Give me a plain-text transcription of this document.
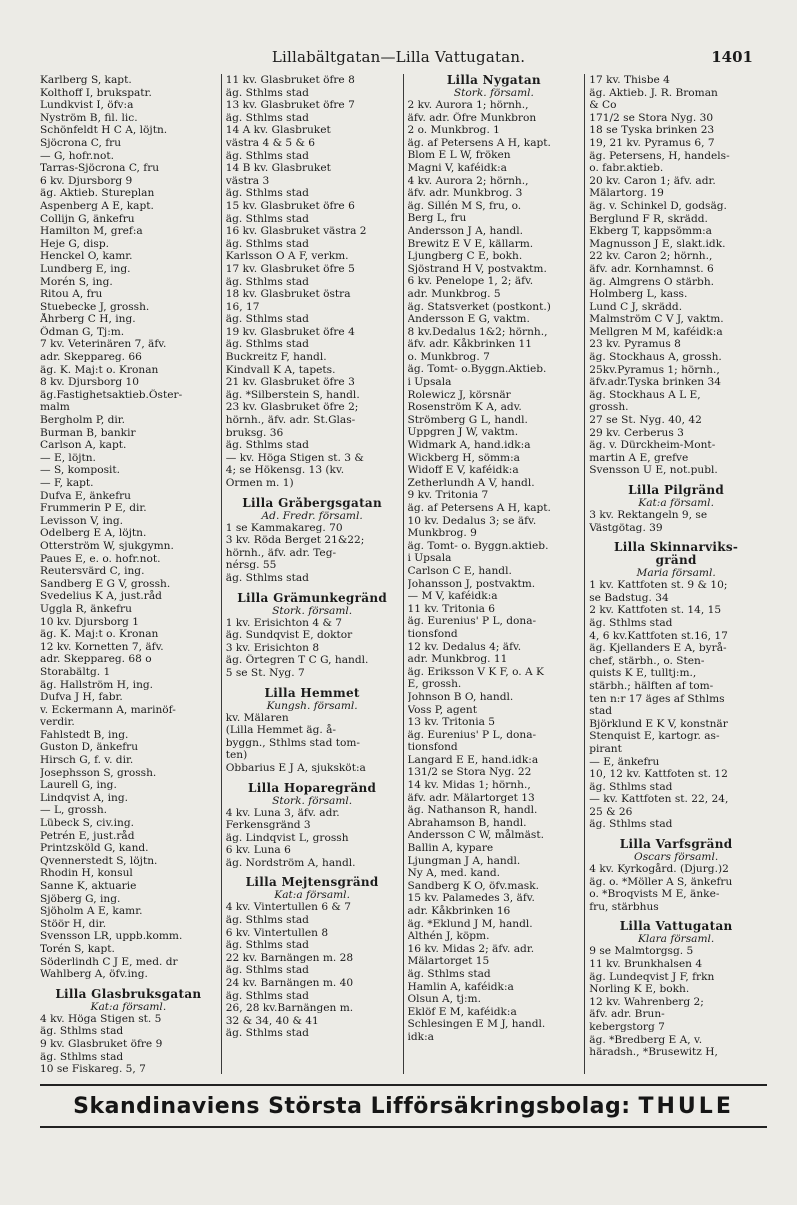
Lillabältgatan—Lilla Vattugatan.	1401
Karlberg S, kapt.
Kolthoff I, brukspatr.
Lundkvist I, öfv:a
Nyström B, fil. lic.
Schönfeldt H C A, löjtn.
Sjöcrona C, fru
— G, hofr.not.
Tarras-Sjöcrona C, fru
6 kv. Djursborg 9
äg. Aktieb. Stureplan
Aspenberg A E, kapt.
Collijn G, änkefru
Hamilton M, gref:a
Heje G, disp.
Henckel O, kamr.
Lundberg E, ing.
Morén S, ing.
Ritou A, fru
Stuebecke J, grossh.
Åhrberg C H, ing.
Ödman G, Tj:m.
7 kv. Veterinären 7, äfv.
adr. Skeppareg. 66
äg. K. Maj:t o. Kronan
8 kv. Djursborg 10
äg.Fastighetsaktieb.Öster-
malm
Bergholm P, dir.
Burman B, bankir
Carlson A, kapt.
— E, löjtn.
— S, komposit.
— F, kapt.
Dufva E, änkefru
Frummerin P E, dir.
Levisson V, ing.
Odelberg E A, löjtn.
Otterström W, sjukgymn.
Paues E, e. o. hofr.not.
Reutersvärd C, ing.
Sandberg E G V, grossh.
Svedelius K A, just.råd
Uggla R, änkefru
10 kv. Djursborg 1
äg. K. Maj:t o. Kronan
12 kv. Kornetten 7, äfv.
adr. Skeppareg. 68 o
Storabältg. 1
äg. Hallström H, ing.
Dufva J H, fabr.
v. Eckermann A, marinöf-
verdir.
Fahlstedt B, ing.
Guston D, änkefru
Hirsch G, f. v. dir.
Josephsson S, grossh.
Laurell G, ing.
Lindqvist A, ing.
— L, grossh.
Lübeck S, civ.ing.
Petrén E, just.råd
Printzsköld G, kand.
Qvennerstedt S, löjtn.
Rhodin H, konsul
Sanne K, aktuarie
Sjöberg G, ing.
Sjöholm A E, kamr.
Stöör H, dir.
Svensson LR, uppb.komm.
Torén S, kapt.
Söderlindh C J E, med. dr
Wahlberg A, öfv.ing.
Lilla Glasbruksgatan
Kat:a församl.
4 kv. Höga Stigen st. 5
äg. Sthlms stad
9 kv. Glasbruket öfre 9
äg. Sthlms stad
10 se Fiskareg. 5, 7
11 kv. Glasbruket öfre 8
äg. Sthlms stad
13 kv. Glasbruket öfre 7
äg. Sthlms stad
14 A kv. Glasbruket
västra 4 & 5 & 6
äg. Sthlms stad
14 B kv. Glasbruket
västra 3
äg. Sthlms stad
15 kv. Glasbruket öfre 6
äg. Sthlms stad
16 kv. Glasbruket västra 2
äg. Sthlms stad
Karlsson O A F, verkm.
17 kv. Glasbruket öfre 5
äg. Sthlms stad
18 kv. Glasbruket östra
16, 17
äg. Sthlms stad
19 kv. Glasbruket öfre 4
äg. Sthlms stad
Buckreitz F, handl.
Kindvall K A, tapets.
21 kv. Glasbruket öfre 3
äg. *Silberstein S, handl.
23 kv. Glasbruket öfre 2;
hörnh., äfv. adr. St.Glas-
bruksg. 36
äg. Sthlms stad
— kv. Höga Stigen st. 3 &
4; se Hökensg. 13 (kv.
Ormen m. 1)
Lilla Gråbergsgatan
Ad. Fredr. församl.
1 se Kammakareg. 70
3 kv. Röda Berget 21&22;
hörnh., äfv. adr. Teg-
nérsg. 55
äg. Sthlms stad
Lilla Grämunkegränd
Stork. församl.
1 kv. Erisichton 4 & 7
äg. Sundqvist E, doktor
3 kv. Erisichton 8
äg. Örtegren T C G, handl.
5 se St. Nyg. 7
Lilla Hemmet
Kungsh. församl.
kv. Mälaren
(Lilla Hemmet äg. å-
byggn., Sthlms stad tom-
ten)
Obbarius E J A, sjuksköt:a
Lilla Hoparegränd
Stork. församl.
4 kv. Luna 3, äfv. adr.
Ferkensgränd 3
äg. Lindqvist L, grossh
6 kv. Luna 6
äg. Nordström A, handl.
Lilla Mejtensgränd
Kat:a församl.
4 kv. Vintertullen 6 & 7
äg. Sthlms stad
6 kv. Vintertullen 8
äg. Sthlms stad
22 kv. Barnängen m. 28
äg. Sthlms stad
24 kv. Barnängen m. 40
äg. Sthlms stad
26, 28 kv.Barnängen m.
32 & 34, 40 & 41
äg. Sthlms stad
Lilla Nygatan
Stork. församl.
2 kv. Aurora 1; hörnh.,
äfv. adr. Öfre Munkbron
2 o. Munkbrog. 1
äg. af Petersens A H, kapt.
Blom E L W, fröken
Magni V, kaféidk:a
4 kv. Aurora 2; hörnh.,
äfv. adr. Munkbrog. 3
äg. Sillén M S, fru, o.
Berg L, fru
Andersson J A, handl.
Brewitz E V E, källarm.
Ljungberg C E, bokh.
Sjöstrand H V, postvaktm.
6 kv. Penelope 1, 2; äfv.
adr. Munkbrog. 5
äg. Statsverket (postkont.)
Andersson E G, vaktm.
8 kv.Dedalus 1&2; hörnh.,
äfv. adr. Kåkbrinken 11
o. Munkbrog. 7
äg. Tomt- o.Byggn.Aktieb.
i Upsala
Rolewicz J, körsnär
Rosenström K A, adv.
Strömberg G L, handl.
Uppgren J W, vaktm.
Widmark A, hand.idk:a
Wickberg H, sömm:a
Widoff E V, kaféidk:a
Zetherlundh A V, handl.
9 kv. Tritonia 7
äg. af Petersens A H, kapt.
10 kv. Dedalus 3; se äfv.
Munkbrog. 9
äg. Tomt- o. Byggn.aktieb.
i Upsala
Carlson C E, handl.
Johansson J, postvaktm.
— M V, kaféidk:a
11 kv. Tritonia 6
äg. Eurenius' P L, dona-
tionsfond
12 kv. Dedalus 4; äfv.
adr. Munkbrog. 11
äg. Eriksson V K F, o. A K
E, grossh.
Johnson B O, handl.
Voss P, agent
13 kv. Tritonia 5
äg. Eurenius' P L, dona-
tionsfond
Langard E E, hand.idk:a
131/2 se Stora Nyg. 22
14 kv. Midas 1; hörnh.,
äfv. adr. Mälartorget 13
äg. Nathanson R, handl.
Abrahamson B, handl.
Andersson C W, målmäst.
Ballin A, kypare
Ljungman J A, handl.
Ny A, med. kand.
Sandberg K O, öfv.mask.
15 kv. Palamedes 3, äfv.
adr. Kåkbrinken 16
äg. *Eklund J M, handl.
Althén J, köpm.
16 kv. Midas 2; äfv. adr.
Mälartorget 15
äg. Sthlms stad
Hamlin A, kaféidk:a
Olsun A, tj:m.
Eklöf E M, kaféidk:a
Schlesingen E M J, handl.
idk:a
17 kv. Thisbe 4
äg. Aktieb. J. R. Broman
& Co
171/2 se Stora Nyg. 30
18 se Tyska brinken 23
19, 21 kv. Pyramus 6, 7
äg. Petersens, H, handels-
o. fabr.aktieb.
20 kv. Caron 1; äfv. adr.
Mälartorg. 19
äg. v. Schinkel D, godsäg.
Berglund F R, skrädd.
Ekberg T, kappsömm:a
Magnusson J E, slakt.idk.
22 kv. Caron 2; hörnh.,
äfv. adr. Kornhamnst. 6
äg. Almgrens O stärbh.
Holmberg L, kass.
Lund C J, skrädd.
Malmström C V J, vaktm.
Mellgren M M, kaféidk:a
23 kv. Pyramus 8
äg. Stockhaus A, grossh.
25kv.Pyramus 1; hörnh.,
äfv.adr.Tyska brinken 34
äg. Stockhaus A L E,
grossh.
27 se St. Nyg. 40, 42
29 kv. Cerberus 3
äg. v. Dürckheim-Mont-
martin A E, grefve
Svensson U E, not.publ.
Lilla Pilgränd
Kat:a församl.
3 kv. Rektangeln 9, se
Västgötag. 39
Lilla Skinnarviks-
gränd
Maria församl.
1 kv. Kattfoten st. 9 & 10;
se Badstug. 34
2 kv. Kattfoten st. 14, 15
äg. Sthlms stad
4, 6 kv.Kattfoten st.16, 17
äg. Kjellanders E A, byrå-
chef, stärbh., o. Sten-
quists K E, tulltj:m.,
stärbh.; hälften af tom-
ten n:r 17 äges af Sthlms
stad
Björklund E K V, konstnär
Stenquist E, kartogr. as-
pirant
— E, änkefru
10, 12 kv. Kattfoten st. 12
äg. Sthlms stad
— kv. Kattfoten st. 22, 24,
25 & 26
äg. Sthlms stad
Lilla Varfsgränd
Oscars församl.
4 kv. Kyrkogård. (Djurg.)2
äg. o. *Möller A S, änkefru
o. *Broqvists M E, änke-
fru, stärbhus
Lilla Vattugatan
Klara församl.
9 se Malmtorgsg. 5
11 kv. Brunkhalsen 4
äg. Lundeqvist J F, frkn
Norling K E, bokh.
12 kv. Wahrenberg 2;
äfv. adr. Brun-
kebergstorg 7
äg. *Bredberg E A, v.
häradsh., *Brusewitz H,
Skandinaviens Största Lifförsäkringsbolag: THULE
